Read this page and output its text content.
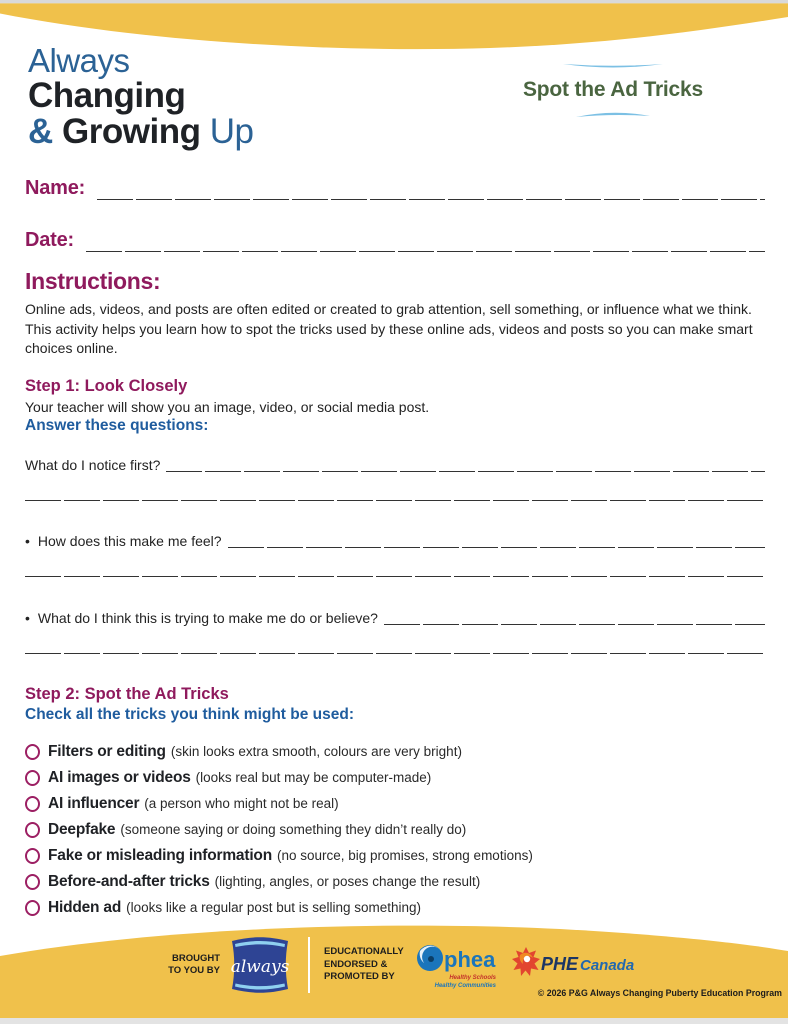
Always
Changing
& Growing Up
Spot the Ad Tricks
Name:
Date:
Instructions:
Online ads, videos, and posts are often edited or created to grab attention, sell something, or influence what we think. This activity helps you learn how to spot the tricks used by these online ads, videos and posts so you can make smart choices online.
Step 1: Look Closely
Your teacher will show you an image, video, or social media post.
Answer these questions:
What do I notice first?
• How does this make me feel?
• What do I think this is trying to make me do or believe?
Step 2: Spot the Ad Tricks
Check all the tricks you think might be used:
Filters or editing (skin looks extra smooth, colours are very bright)
AI images or videos (looks real but may be computer-made)
AI influencer (a person who might not be real)
Deepfake (someone saying or doing something they didn’t really do)
Fake or misleading information (no source, big promises, strong emotions)
Before-and-after tricks (lighting, angles, or poses change the result)
Hidden ad (looks like a regular post but is selling something)
BROUGHT
TO YOU BY always
EDUCATIONALLY
ENDORSED &
PROMOTED BY
phea
Healthy Schools
Healthy Communities
PHE Canada
© 2026 P&G Always Changing Puberty Education Program
